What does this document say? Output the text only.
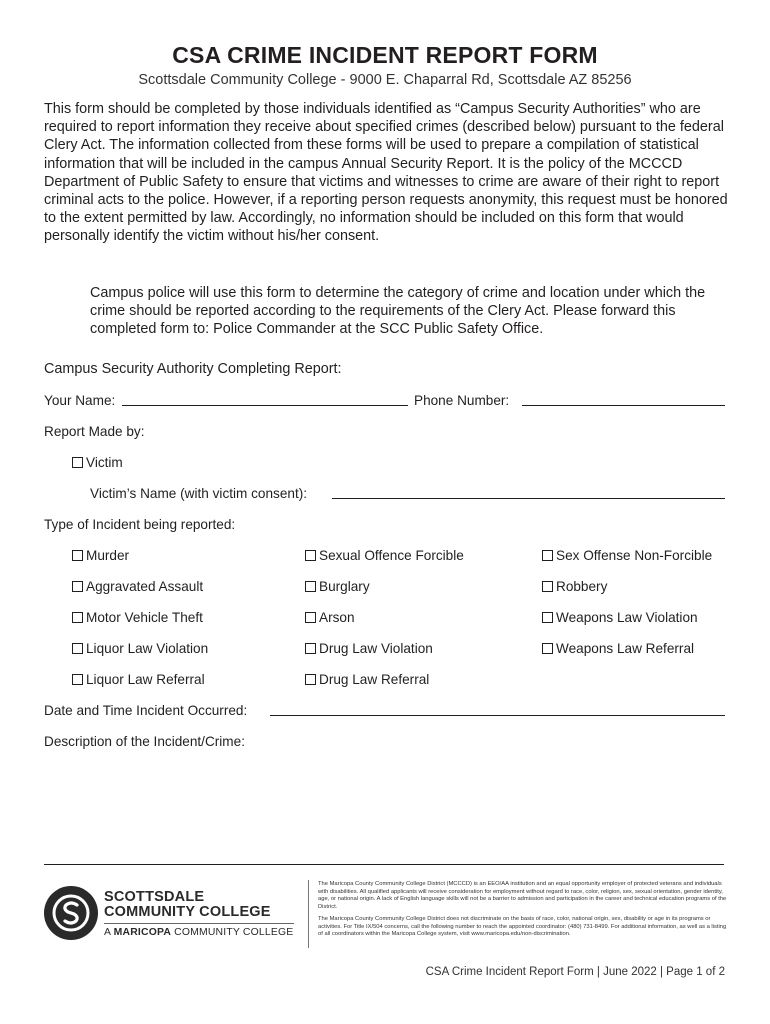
CSA CRIME INCIDENT REPORT FORM
Scottsdale Community College - 9000 E. Chaparral Rd, Scottsdale AZ 85256
This form should be completed by those individuals identified as “Campus Security Authorities” who are required to report information they receive about specified crimes (described below) pursuant to the federal Clery Act. The information collected from these forms will be used to prepare a compilation of statistical information that will be included in the campus Annual Security Report. It is the policy of the MCCCD Department of Public Safety to ensure that victims and witnesses to crime are aware of their right to report criminal acts to the police. However, if a reporting person requests anonymity, this request must be honored to the extent permitted by law. Accordingly, no information should be included on this form that would personally identify the victim without his/her consent.
Campus police will use this form to determine the category of crime and location under which the crime should be reported according to the requirements of the Clery Act. Please forward this completed form to: Police Commander at the SCC Public Safety Office.
Campus Security Authority Completing Report:
Your Name:	Phone Number:
Report Made by:
Victim
Victim’s Name (with victim consent):
Type of Incident being reported:
Murder	Sexual Offence Forcible	Sex Offense Non-Forcible
Aggravated Assault	Burglary	Robbery
Motor Vehicle Theft	Arson	Weapons Law Violation
Liquor Law Violation	Drug Law Violation	Weapons Law Referral
Liquor Law Referral	Drug Law Referral
Date and Time Incident Occurred:
Description of the Incident/Crime:
SCOTTSDALE
COMMUNITY COLLEGE
A MARICOPA COMMUNITY COLLEGE
The Maricopa County Community College District (MCCCD) is an EEO/AA institution and an equal opportunity employer of protected veterans and individuals with disabilities. All qualified applicants will receive consideration for employment without regard to race, color, religion, sex, sexual orientation, gender identity, age, or national origin. A lack of English language skills will not be a barrier to admission and participation in the career and technical education programs of the District.
The Maricopa County Community College District does not discriminate on the basis of race, color, national origin, sex, disability or age in its programs or activities. For Title IX/504 concerns, call the following number to reach the appointed coordinator: (480) 731-8499. For additional information, as well as a listing of all coordinators within the Maricopa College system, visit www.maricopa.edu/non-discrimination.
CSA Crime Incident Report Form | June 2022 | Page 1 of 2
